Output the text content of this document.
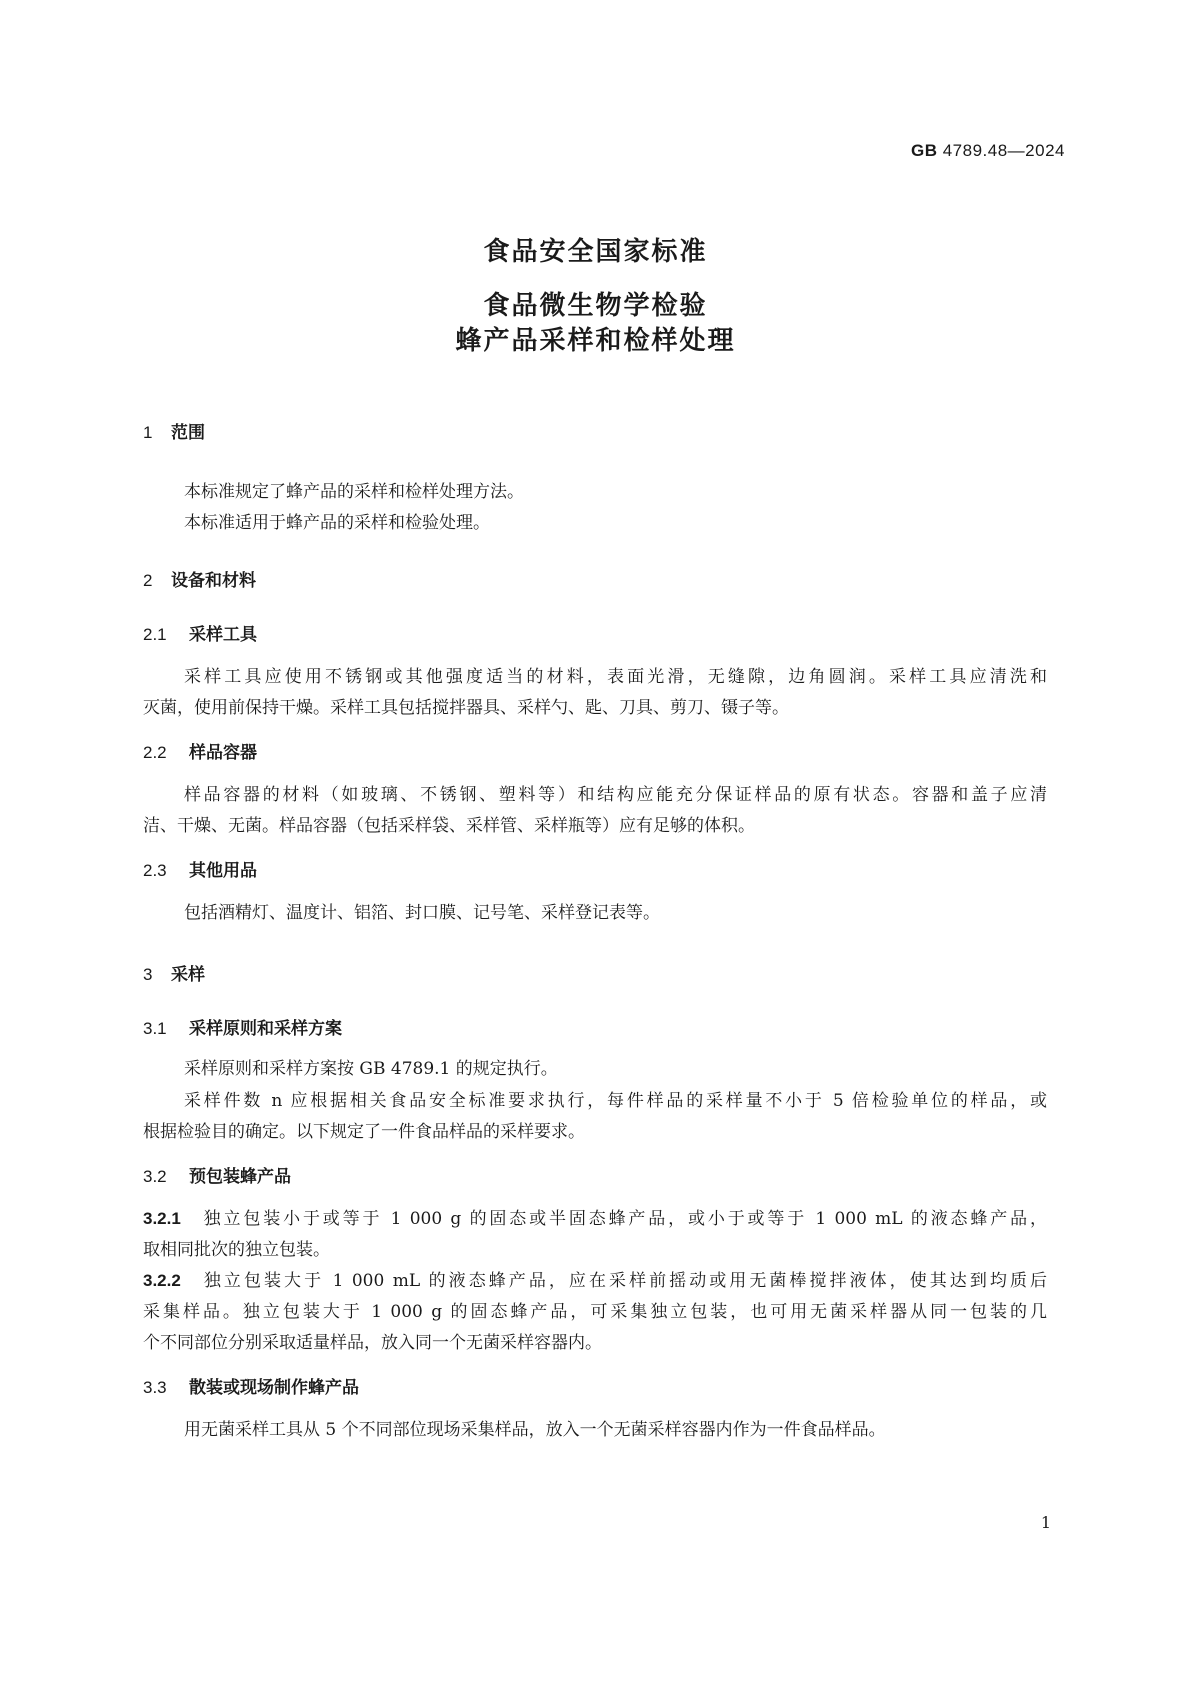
GB 4789.48—2024
食品安全国家标准
食品微生物学检验
蜂产品采样和检样处理
1 范围
本标准规定了蜂产品的采样和检样处理方法。
本标准适用于蜂产品的采样和检验处理。
2 设备和材料
2.1 采样工具
采样工具应使用不锈钢或其他强度适当的材料，表面光滑，无缝隙，边角圆润。采样工具应清洗和
灭菌，使用前保持干燥。采样工具包括搅拌器具、采样勺、匙、刀具、剪刀、镊子等。
2.2 样品容器
样品容器的材料（如玻璃、不锈钢、塑料等）和结构应能充分保证样品的原有状态。容器和盖子应清
洁、干燥、无菌。样品容器（包括采样袋、采样管、采样瓶等）应有足够的体积。
2.3 其他用品
包括酒精灯、温度计、铝箔、封口膜、记号笔、采样登记表等。
3 采样
3.1 采样原则和采样方案
采样原则和采样方案按 GB 4789.1 的规定执行。
采样件数 n 应根据相关食品安全标准要求执行，每件样品的采样量不小于 5 倍检验单位的样品，或
根据检验目的确定。以下规定了一件食品样品的采样要求。
3.2 预包装蜂产品
3.2.1 独立包装小于或等于 1 000 g 的固态或半固态蜂产品，或小于或等于 1 000 mL 的液态蜂产品，
取相同批次的独立包装。
3.2.2 独立包装大于 1 000 mL 的液态蜂产品，应在采样前摇动或用无菌棒搅拌液体，使其达到均质后
采集样品。独立包装大于 1 000 g 的固态蜂产品，可采集独立包装，也可用无菌采样器从同一包装的几
个不同部位分别采取适量样品，放入同一个无菌采样容器内。
3.3 散装或现场制作蜂产品
用无菌采样工具从 5 个不同部位现场采集样品，放入一个无菌采样容器内作为一件食品样品。
1
